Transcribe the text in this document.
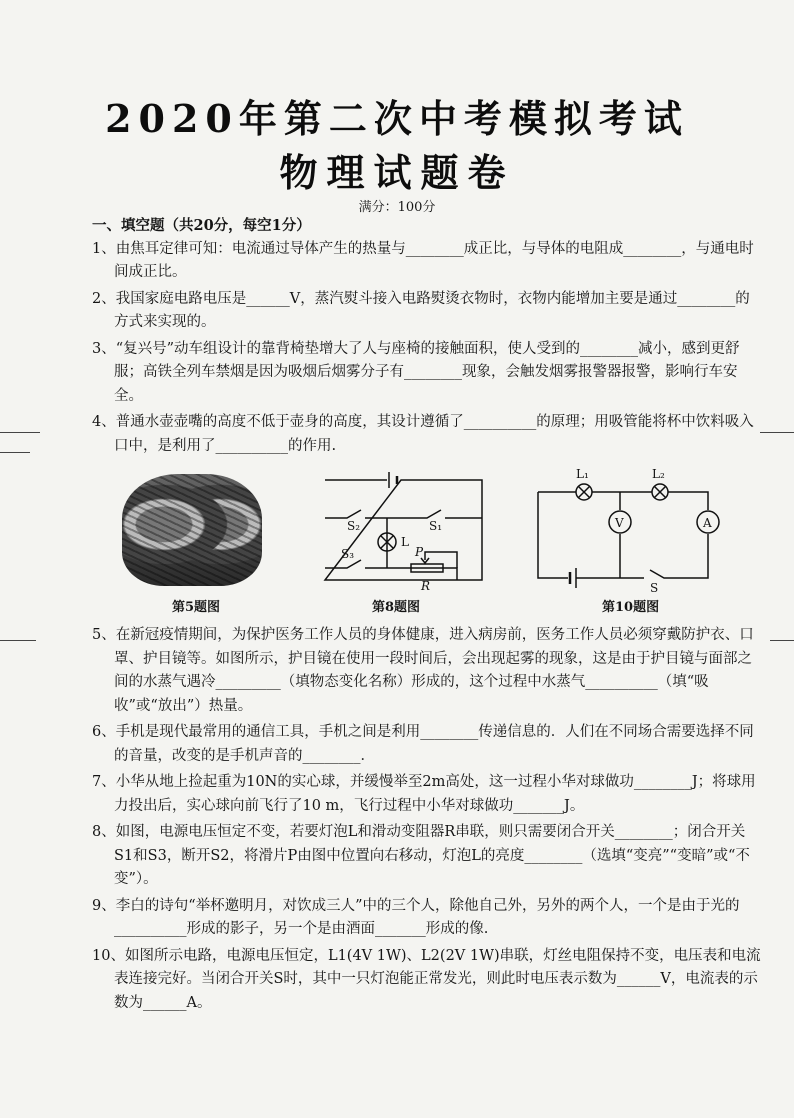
2020年第二次中考模拟考试
物理试题卷
满分：100分

一、填空题（共20分，每空1分）

1、由焦耳定律可知：电流通过导体产生的热量与________成正比，与导体的电阻成________，与通电时间成正比。

2、我国家庭电路电压是______V，蒸汽熨斗接入电路熨烫衣物时，衣物内能增加主要是通过________的方式来实现的。

3、“复兴号”动车组设计的靠背椅垫增大了人与座椅的接触面积，使人受到的________减小，感到更舒服；高铁全列车禁烟是因为吸烟后烟雾分子有________现象，会触发烟雾报警器报警，影响行车安全。

4、普通水壶壶嘴的高度不低于壶身的高度，其设计遵循了__________的原理；用吸管能将杯中饮料吸入口中，是利用了__________的作用.

第5题图
S₂	S₁
L
S₃	P
R
第8题图
L₁	L₂
V	A
S
第10题图

5、在新冠疫情期间，为保护医务工作人员的身体健康，进入病房前，医务工作人员必须穿戴防护衣、口罩、护目镜等。如图所示，护目镜在使用一段时间后，会出现起雾的现象，这是由于护目镜与面部之间的水蒸气遇冷_________（填物态变化名称）形成的，这个过程中水蒸气__________（填“吸收”或“放出”）热量。

6、手机是现代最常用的通信工具，手机之间是利用________传递信息的．人们在不同场合需要选择不同的音量，改变的是手机声音的________．

7、小华从地上捡起重为10N的实心球，并缓慢举至2m高处，这一过程小华对球做功________J；将球用力投出后，实心球向前飞行了10 m，飞行过程中小华对球做功_______J。

8、如图，电源电压恒定不变，若要灯泡L和滑动变阻器R串联，则只需要闭合开关________；闭合开关S1和S3，断开S2，将滑片P由图中位置向右移动，灯泡L的亮度________（选填“变亮”“变暗”或“不变”）。

9、李白的诗句“举杯邀明月，对饮成三人”中的三个人，除他自己外，另外的两个人，一个是由于光的__________形成的影子，另一个是由酒面_______形成的像.

10、如图所示电路，电源电压恒定，L1(4V 1W)、L2(2V 1W)串联，灯丝电阻保持不变，电压表和电流表连接完好。当闭合开关S时，其中一只灯泡能正常发光，则此时电压表示数为______V，电流表的示数为______A。
